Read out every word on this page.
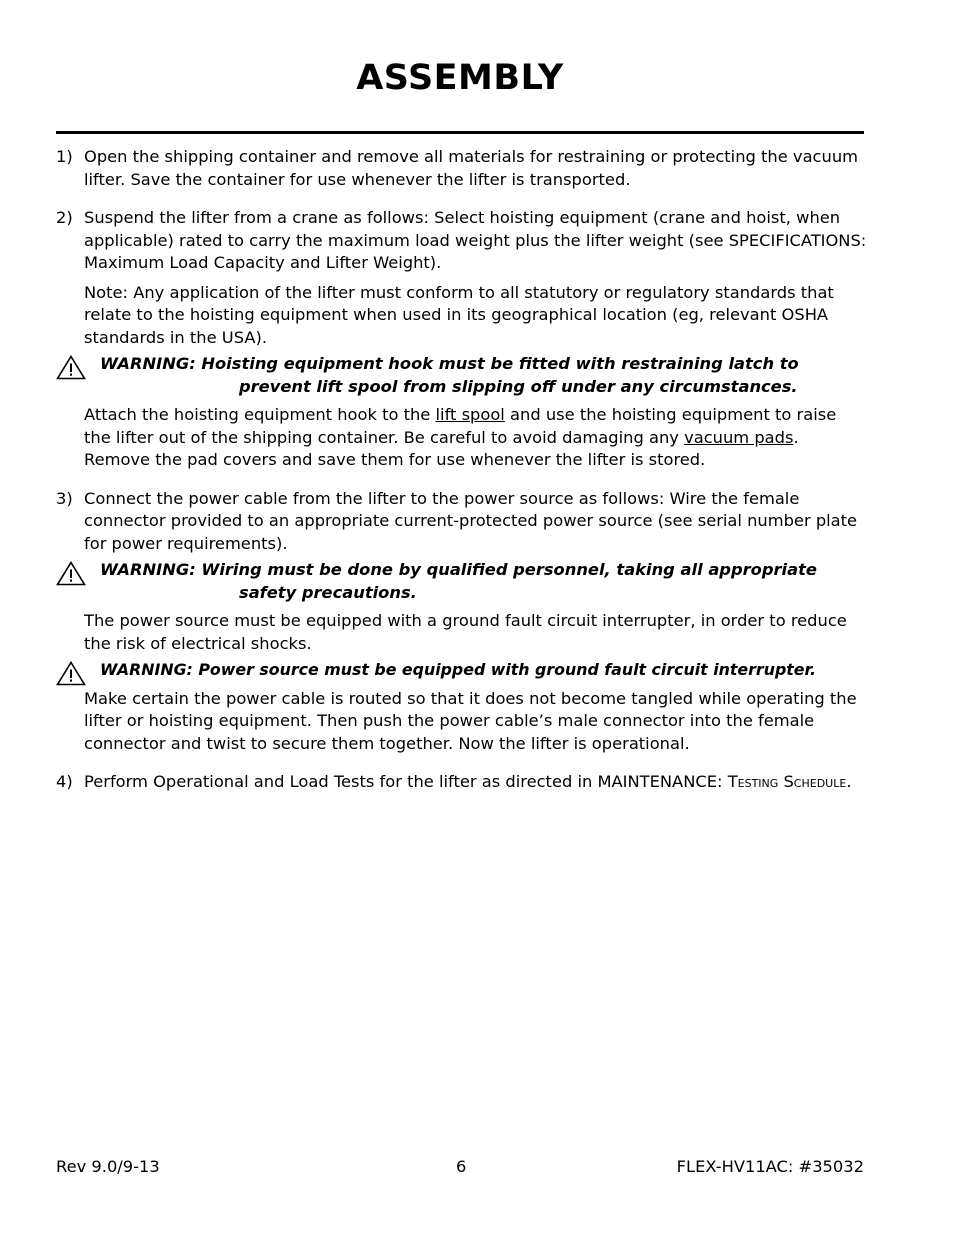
ASSEMBLY
1) Open the shipping container and remove all materials for restraining or protecting the vacuum lifter. Save the container for use whenever the lifter is transported.

2) Suspend the lifter from a crane as follows: Select hoisting equipment (crane and hoist, when applicable) rated to carry the maximum load weight plus the lifter weight (see SPECIFICATIONS: Maximum Load Capacity and Lifter Weight).

Note: Any application of the lifter must conform to all statutory or regulatory standards that relate to the hoisting equipment when used in its geographical location (eg, relevant OSHA standards in the USA).

WARNING: Hoisting equipment hook must be fitted with restraining latch to
prevent lift spool from slipping off under any circumstances.

Attach the hoisting equipment hook to the lift spool and use the hoisting equipment to raise the lifter out of the shipping container. Be careful to avoid damaging any vacuum pads. Remove the pad covers and save them for use whenever the lifter is stored.

3) Connect the power cable from the lifter to the power source as follows: Wire the female connector provided to an appropriate current-protected power source (see serial number plate for power requirements).

WARNING: Wiring must be done by qualified personnel, taking all appropriate
safety precautions.

The power source must be equipped with a ground fault circuit interrupter, in order to reduce the risk of electrical shocks.

WARNING: Power source must be equipped with ground fault circuit interrupter.

Make certain the power cable is routed so that it does not become tangled while operating the lifter or hoisting equipment. Then push the power cable’s male connector into the female connector and twist to secure them together. Now the lifter is operational.

4) Perform Operational and Load Tests for the lifter as directed in MAINTENANCE: Testing Schedule.

Rev 9.0/9-13	6	FLEX-HV11AC: #35032
